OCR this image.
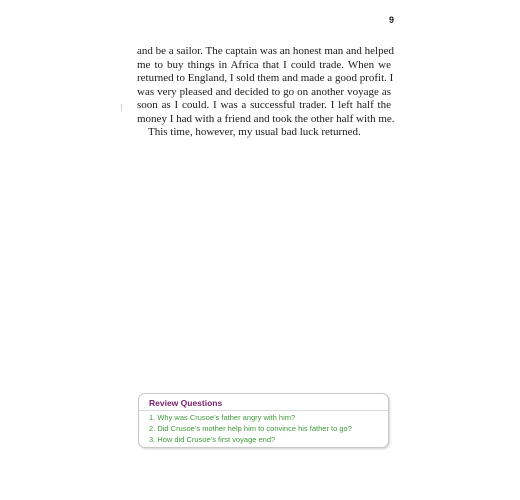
9
and be a sailor. The captain was an honest man and helped
me to buy things in Africa that I could trade. When we
returned to England, I sold them and made a good profit. I
was very pleased and decided to go on another voyage as
soon as I could. I was a successful trader. I left half the
money I had with a friend and took the other half with me.
This time, however, my usual bad luck returned.
Review Questions
1. Why was Crusoe’s father angry with him?
2. Did Crusoe’s mother help him to convince his father to go?
3. How did Crusoe’s first voyage end?
